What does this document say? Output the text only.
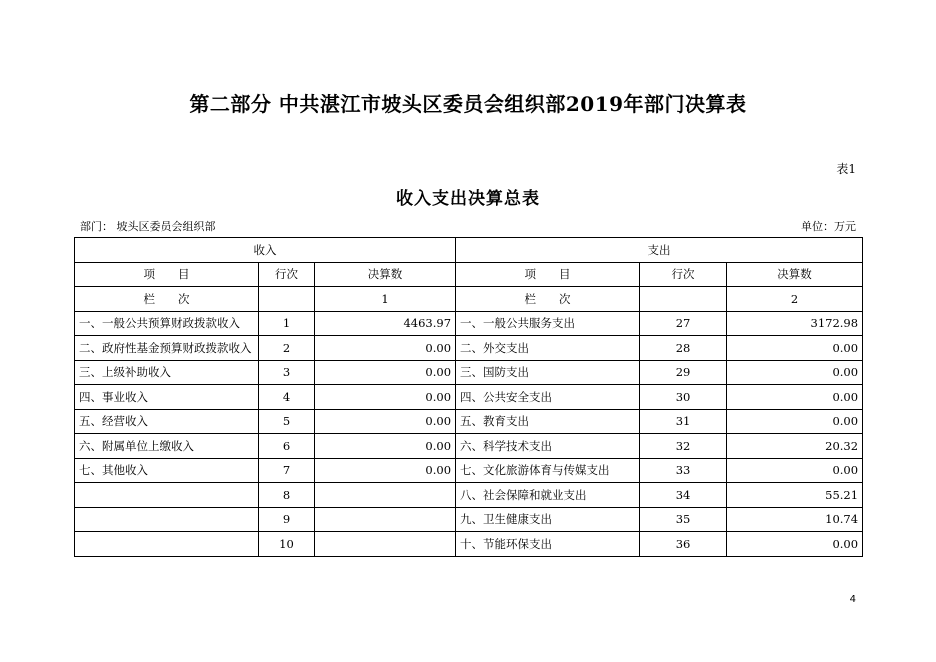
第二部分 中共湛江市坡头区委员会组织部2019年部门决算表
表1
收入支出决算总表
部门： 坡头区委员会组织部	单位：万元
收入			支出		
项　　目	行次	决算数	项　　目	行次	决算数
栏　　次		1	栏　　次		2
一、一般公共预算财政拨款收入	1	4463.97	一、一般公共服务支出	27	3172.98
二、政府性基金预算财政拨款收入	2	0.00	二、外交支出	28	0.00
三、上级补助收入	3	0.00	三、国防支出	29	0.00
四、事业收入	4	0.00	四、公共安全支出	30	0.00
五、经营收入	5	0.00	五、教育支出	31	0.00
六、附属单位上缴收入	6	0.00	六、科学技术支出	32	20.32
七、其他收入	7	0.00	七、文化旅游体育与传媒支出	33	0.00
	8		八、社会保障和就业支出	34	55.21
	9		九、卫生健康支出	35	10.74
	10		十、节能环保支出	36	0.00
4
